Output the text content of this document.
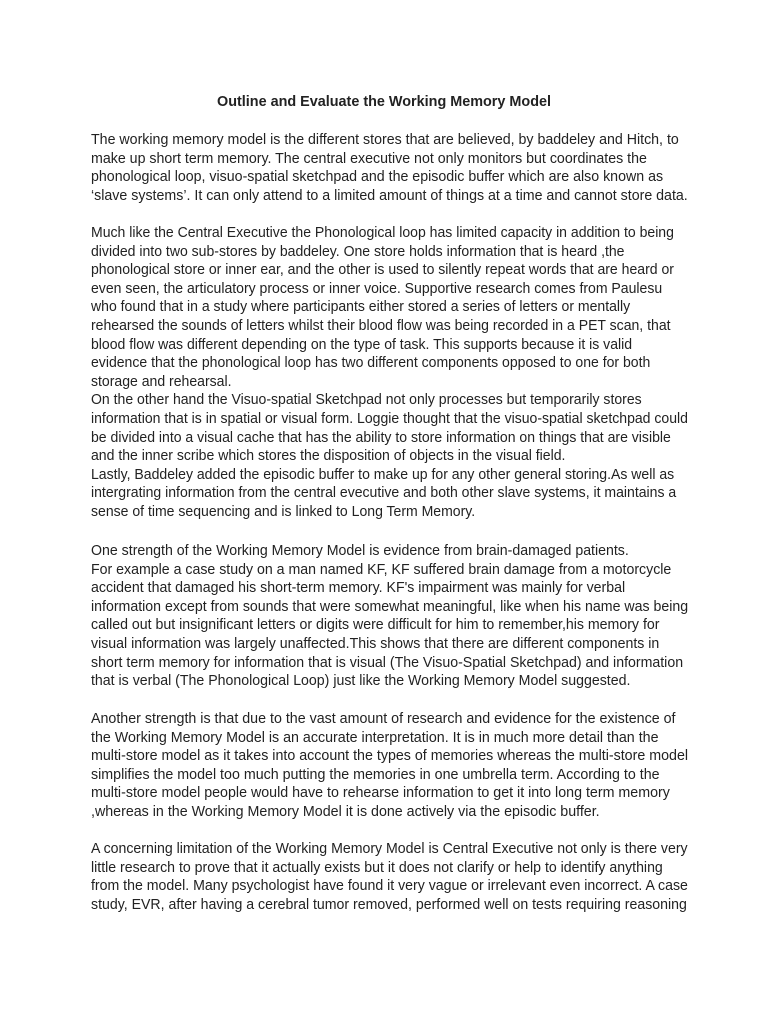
Outline and Evaluate the Working Memory Model
The working memory model is the different stores that are believed, by baddeley and Hitch, to
make up short term memory. The central executive not only monitors but coordinates the
phonological loop, visuo-spatial sketchpad and the episodic buffer which are also known as
‘slave systems’. It can only attend to a limited amount of things at a time and cannot store data.
Much like the Central Executive the Phonological loop has limited capacity in addition to being
divided into two sub-stores by baddeley. One store holds information that is heard ,the
phonological store or inner ear, and the other is used to silently repeat words that are heard or
even seen, the articulatory process or inner voice. Supportive research comes from Paulesu
who found that in a study where participants either stored a series of letters or mentally
rehearsed the sounds of letters whilst their blood flow was being recorded in a PET scan, that
blood flow was different depending on the type of task. This supports because it is valid
evidence that the phonological loop has two different components opposed to one for both
storage and rehearsal.
On the other hand the Visuo-spatial Sketchpad not only processes but temporarily stores
information that is in spatial or visual form. Loggie thought that the visuo-spatial sketchpad could
be divided into a visual cache that has the ability to store information on things that are visible
and the inner scribe which stores the disposition of objects in the visual field.
Lastly, Baddeley added the episodic buffer to make up for any other general storing.As well as
intergrating information from the central evecutive and both other slave systems, it maintains a
sense of time sequencing and is linked to Long Term Memory.
One strength of the Working Memory Model is evidence from brain-damaged patients.
For example a case study on a man named KF, KF suffered brain damage from a motorcycle
accident that damaged his short-term memory. KF's impairment was mainly for verbal
information except from sounds that were somewhat meaningful, like when his name was being
called out but insignificant letters or digits were difficult for him to remember,his memory for
visual information was largely unaffected.This shows that there are different components in
short term memory for information that is visual (The Visuo-Spatial Sketchpad) and information
that is verbal (The Phonological Loop) just like the Working Memory Model suggested.
Another strength is that due to the vast amount of research and evidence for the existence of
the Working Memory Model is an accurate interpretation. It is in much more detail than the
multi-store model as it takes into account the types of memories whereas the multi-store model
simplifies the model too much putting the memories in one umbrella term. According to the
multi-store model people would have to rehearse information to get it into long term memory
,whereas in the Working Memory Model it is done actively via the episodic buffer.
A concerning limitation of the Working Memory Model is Central Executive not only is there very
little research to prove that it actually exists but it does not clarify or help to identify anything
from the model. Many psychologist have found it very vague or irrelevant even incorrect. A case
study, EVR, after having a cerebral tumor removed, performed well on tests requiring reasoning
